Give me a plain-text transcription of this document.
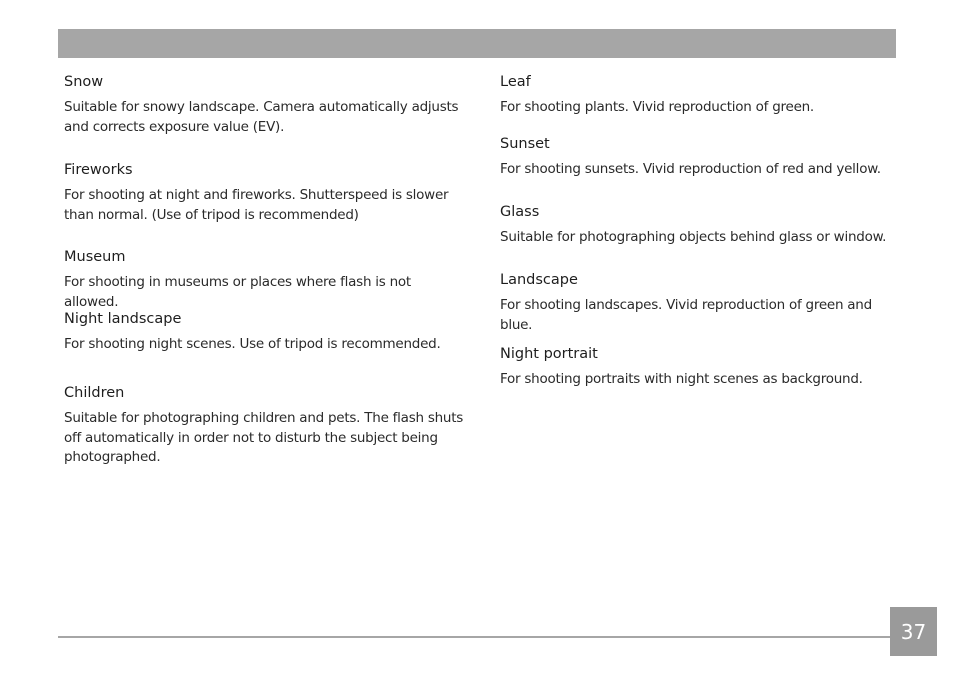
Snow

Suitable for snowy landscape. Camera automatically adjusts and corrects exposure value (EV).

Fireworks

For shooting at night and fireworks. Shutterspeed is slower than normal. (Use of tripod is recommended)

Museum

For shooting in museums or places where flash is not allowed.

Night landscape

For shooting night scenes. Use of tripod is recommended.

Children

Suitable for photographing children and pets. The flash shuts off automatically in order not to disturb the subject being photographed.

Leaf

For shooting plants. Vivid reproduction of green.

Sunset

For shooting sunsets. Vivid reproduction of red and yellow.

Glass

Suitable for photographing objects behind glass or window.

Landscape

For shooting landscapes. Vivid reproduction of green and blue.

Night portrait

For shooting portraits with night scenes as background.

37
